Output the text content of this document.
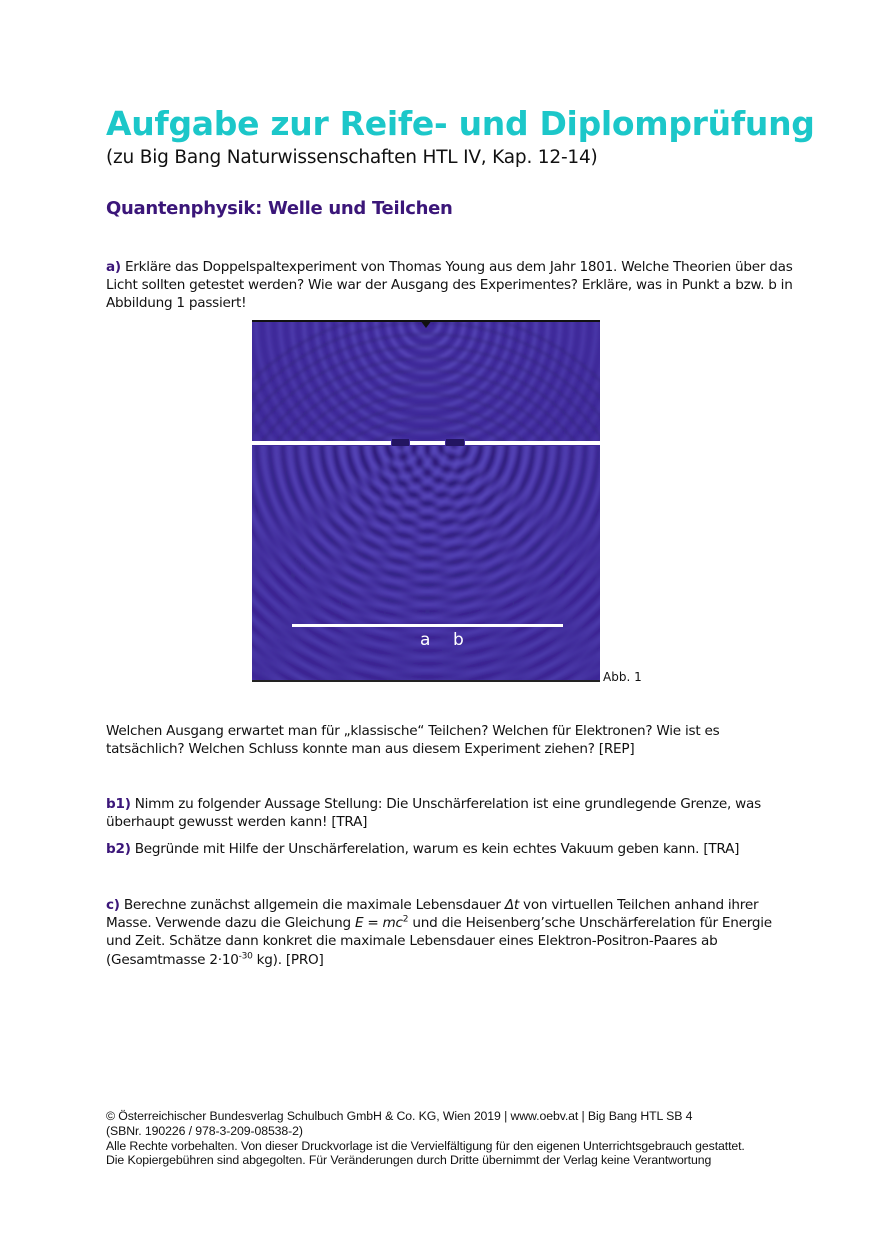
Aufgabe zur Reife- und Diplomprüfung
(zu Big Bang Naturwissenschaften HTL IV, Kap. 12-14)
Quantenphysik: Welle und Teilchen
a) Erkläre das Doppelspaltexperiment von Thomas Young aus dem Jahr 1801. Welche Theorien über das Licht sollten getestet werden? Wie war der Ausgang des Experimentes? Erkläre, was in Punkt a bzw. b in Abbildung 1 passiert!
a b
Abb. 1
Welchen Ausgang erwartet man für „klassische“ Teilchen? Welchen für Elektronen? Wie ist es tatsächlich? Welchen Schluss konnte man aus diesem Experiment ziehen? [REP]
b1) Nimm zu folgender Aussage Stellung: Die Unschärferelation ist eine grundlegende Grenze, was überhaupt gewusst werden kann! [TRA]
b2) Begründe mit Hilfe der Unschärferelation, warum es kein echtes Vakuum geben kann. [TRA]
c) Berechne zunächst allgemein die maximale Lebensdauer Δt von virtuellen Teilchen anhand ihrer Masse. Verwende dazu die Gleichung $E = mc^2$ und die Heisenberg’sche Unschärferelation für Energie und Zeit. Schätze dann konkret die maximale Lebensdauer eines Elektron-Positron-Paares ab (Gesamtmasse $2\cdot 10^{-30}$ kg). [PRO]
© Österreichischer Bundesverlag Schulbuch GmbH & Co. KG, Wien 2019 | www.oebv.at | Big Bang HTL SB 4
(SBNr. 190226 / 978-3-209-08538-2)
Alle Rechte vorbehalten. Von dieser Druckvorlage ist die Vervielfältigung für den eigenen Unterrichtsgebrauch gestattet.
Die Kopiergebühren sind abgegolten. Für Veränderungen durch Dritte übernimmt der Verlag keine Verantwortung
